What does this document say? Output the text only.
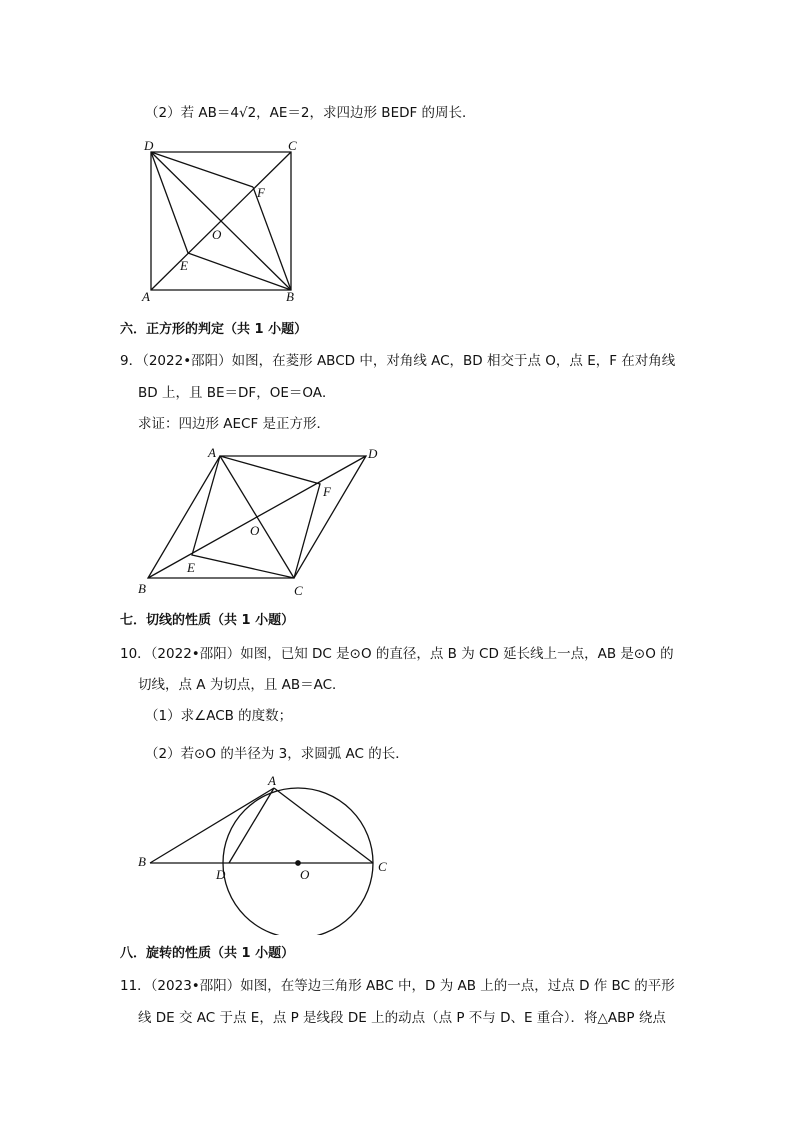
（2）若 AB＝4√2，AE＝2，求四边形 BEDF 的周长．
D	C
F
O
E
A	B
六．正方形的判定（共 1 小题）
9．（2022•邵阳）如图，在菱形 ABCD 中，对角线 AC，BD 相交于点 O，点 E，F 在对角线
BD 上，且 BE＝DF，OE＝OA．
求证：四边形 AECF 是正方形．
A	D
F
O
E
B	C
七．切线的性质（共 1 小题）
10．（2022•邵阳）如图，已知 DC 是⊙O 的直径，点 B 为 CD 延长线上一点，AB 是⊙O 的
切线，点 A 为切点，且 AB＝AC．
（1）求∠ACB 的度数；
（2）若⊙O 的半径为 3，求圆弧 AC 的长．
A
B
D	O
C
八．旋转的性质（共 1 小题）
11．（2023•邵阳）如图，在等边三角形 ABC 中，D 为 AB 上的一点，过点 D 作 BC 的平形
线 DE 交 AC 于点 E，点 P 是线段 DE 上的动点（点 P 不与 D、E 重合）．将△ABP 绕点
